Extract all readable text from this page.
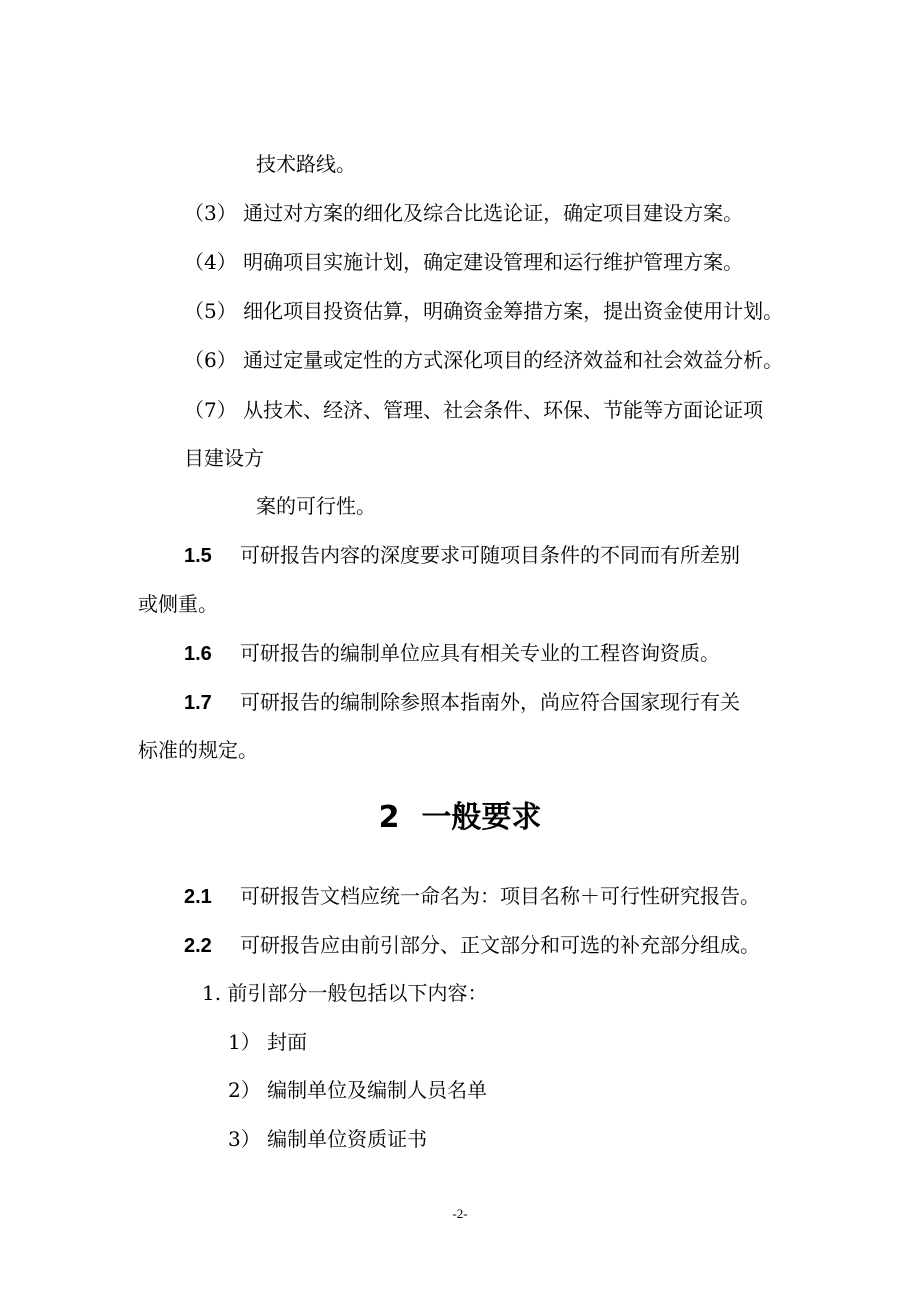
技术路线。
（3） 通过对方案的细化及综合比选论证，确定项目建设方案。
（4） 明确项目实施计划，确定建设管理和运行维护管理方案。
（5） 细化项目投资估算，明确资金筹措方案，提出资金使用计划。
（6） 通过定量或定性的方式深化项目的经济效益和社会效益分析。
（7） 从技术、经济、管理、社会条件、环保、节能等方面论证项
目建设方
案的可行性。
1.5 可研报告内容的深度要求可随项目条件的不同而有所差别
或侧重。
1.6 可研报告的编制单位应具有相关专业的工程咨询资质。
1.7 可研报告的编制除参照本指南外，尚应符合国家现行有关
标准的规定。
2 一般要求
2.1 可研报告文档应统一命名为：项目名称＋可行性研究报告。
2.2 可研报告应由前引部分、正文部分和可选的补充部分组成。
1. 前引部分一般包括以下内容：
1） 封面
2） 编制单位及编制人员名单
3） 编制单位资质证书
-2-
